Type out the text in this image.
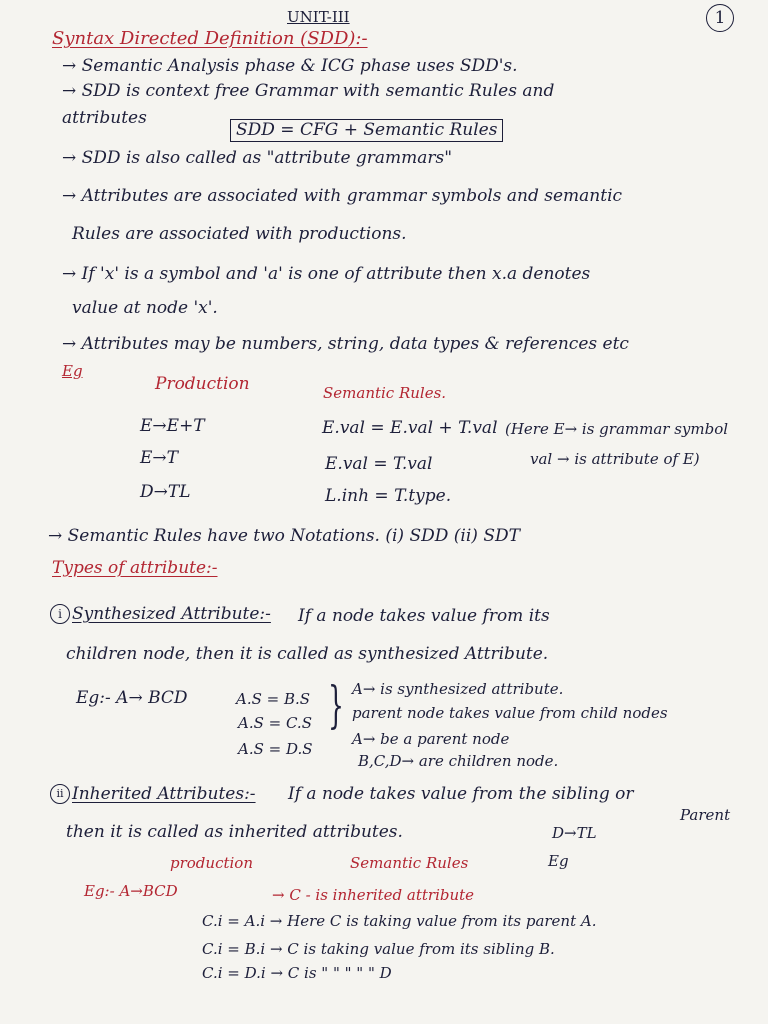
UNIT-III	1
Syntax Directed Definition (SDD):-
→ Semantic Analysis phase & ICG phase uses SDD's.
→ SDD is context free Grammar with semantic Rules and
attributes
SDD = CFG + Semantic Rules
→ SDD is also called as "attribute grammars"
→ Attributes are associated with grammar symbols and semantic
Rules are associated with productions.
→ If 'x' is a symbol and 'a' is one of attribute then x.a denotes
value at node 'x'.
→ Attributes may be numbers, string, data types & references etc
Eg
Production	Semantic Rules.
E→E+T	E.val = E.val + T.val (Here E→ is grammar symbol
E→T	E.val = T.val	val → is attribute of E)
D→TL	L.inh = T.type.
→ Semantic Rules have two Notations. (i) SDD (ii) SDT
Types of attribute:-
i Synthesized Attribute:- If a node takes value from its
children node, then it is called as synthesized Attribute.
Eg:- A→ BCD	A.S = B.S
A.S = C.S
A.S = D.S
} A→ is synthesized attribute.
parent node takes value from child nodes
A→ be a parent node
B,C,D→ are children node.
ii Inherited Attributes:- If a node takes value from the sibling or
Parent
then it is called as inherited attributes.	D→TL
Eg
production	Semantic Rules
Eg:- A→BCD	→ C - is inherited attribute
C.i = A.i → Here C is taking value from its parent A.
C.i = B.i → C is taking value from its sibling B.
C.i = D.i → C is " " " " " D
